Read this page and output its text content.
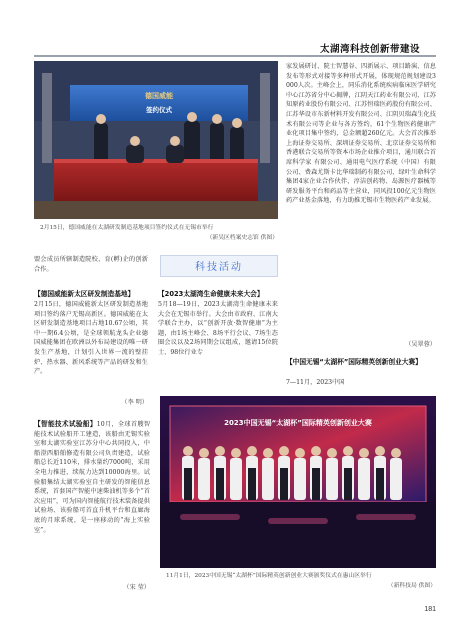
太湖湾科技创新带建设
德国威能
签约仪式
2月15日，德国威能在太湖研发制造基地项目签约仪式在无锡市举行
（新吴区档案史志馆 供图）
盟会成员所辖制造院校、育(孵)企的创新合作。
【德国威能新太区研发制造基地】
2月15日，德国威能新太区研发制造基地项目签约落户无锡高新区。德国威能在太区研发制造基地项目占地10.67公顷，其中一期6.4公顷，是全球领航龙头企业德国威能集团在欧洲以外布局建设的唯一研发生产基地，计划引入世界一流的壁挂炉、热水器、新风系统等产品的研发和生产。
（李 明）
科技活动
【2023太湖湾生命健康未来大会】
5月18—19日，2023太湖湾生命健康未来大会在无锡市举行。大会由市政府、江南大学联合主办，以“创新开放·数智健康”为主题，由1场主峰会、8场平行会议、7场生态圈会议以及2场同期会议组成，邀请15位院士、98位行业专
家发展研讨、院士智慧谷、四新展示、项目路演、信息发布等形式对接等多种形式开展，体现规范规划建设3000人次。主峰会上，同乐消化系统疾病临床医学研究中心江苏省分中心揭牌，江阴天江药业有限公司、江苏知原药业股份有限公司、江苏恒瑞医药股份有限公司、江苏华设市东新材料开发有限公司、江阴贝瑞森生化技术有限公司等企业与各方签约，61个生物医药健康产业化项目集中签约，总金额超260亿元。大会首次推举上海证券交易所、深圳证券交易所、北京证券交易所和香港联合交易所等资本市场企业推介项目，通川联合首席科学家 有限公司、通用电气医疗系统（中国）有限公司、费森尤斯卡比华瑞制药有限公司、绿叶生命科学集团4家企业合作伙伴，淳洁创药物、岛源医疗器械等研发服务平台和药品等主营业，同风投100亿元生物医药产业基金落地，有力助推无锡市生物医药产业发展。
（吴翠蓉）
【中国无锡“太湖杯”国际精英创新创业大赛】
7—11月，2023中国
【智能技术试验船】10月，全球首艘智能技术试验船开工建造，该船由无锡实验室和太湖实验室江苏分中心共同投入，中船澄西船舶修造有限公司负责建造，试验船总长近110米，排水量约7000吨，采用全电力推进，续航力达到10000海里。试验船集结太湖实验室自主研发的智能信息系统，首套国产智能中速柴油机等多个“首次应用”，可为国内智能航行技术装备提供试验场、该验船可首直升机平台和直廊海底的月球系统，是一座移动的“海上实验室”。
（宋 莹）
2023中国无锡“太湖杯”国际精英创新创业大赛
11月1日，2023中国无锡“太湖杯”国际精英创新创业大赛颁奖仪式在惠山区举行
（新科技局 供图）
181
